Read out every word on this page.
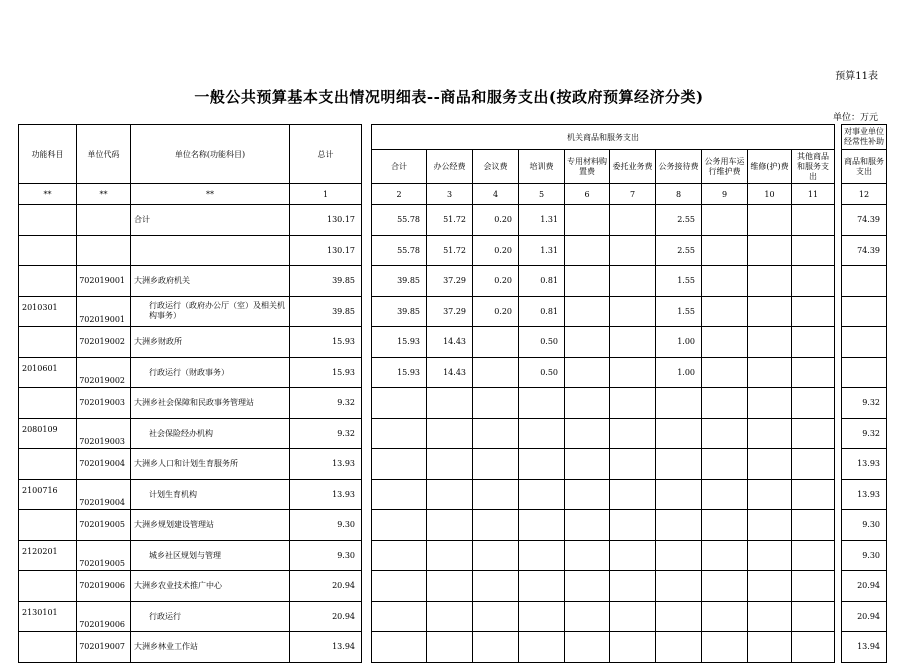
预算11表
一般公共预算基本支出情况明细表--商品和服务支出(按政府预算经济分类)
单位：万元
功能科目	单位代码	单位名称(功能科目)	总计		机关商品和服务支出											对事业单位经常性补助
					合计	办公经费	会议费	培训费	专用材料购置费	委托业务费	公务接待费	公务用车运行维护费	维修(护)费	其他商品和服务支出		商品和服务支出
**	**	**	1		2	3	4	5	6	7	8	9	10	11		12
		合计	130.17		55.78	51.72	0.20	1.31			2.55					74.39
			130.17		55.78	51.72	0.20	1.31			2.55					74.39
	702019001	大洲乡政府机关	39.85		39.85	37.29	0.20	0.81			1.55					
2010301	702019001	行政运行（政府办公厅（室）及相关机构事务）	39.85		39.85	37.29	0.20	0.81			1.55					
	702019002	大洲乡财政所	15.93		15.93	14.43		0.50			1.00					
2010601	702019002	行政运行（财政事务）	15.93		15.93	14.43		0.50			1.00					
	702019003	大洲乡社会保障和民政事务管理站	9.32													9.32
2080109	702019003	社会保险经办机构	9.32													9.32
	702019004	大洲乡人口和计划生育服务所	13.93													13.93
2100716	702019004	计划生育机构	13.93													13.93
	702019005	大洲乡规划建设管理站	9.30													9.30
2120201	702019005	城乡社区规划与管理	9.30													9.30
	702019006	大洲乡农业技术推广中心	20.94													20.94
2130101	702019006	行政运行	20.94													20.94
	702019007	大洲乡林业工作站	13.94													13.94
